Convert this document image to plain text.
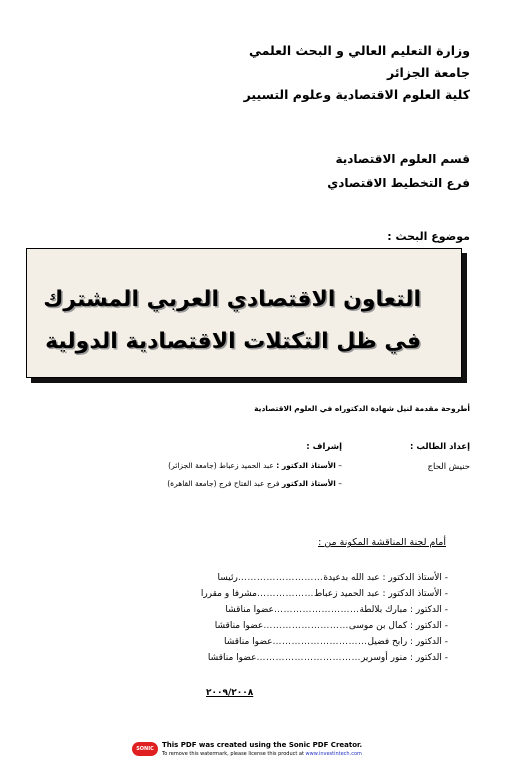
وزارة التعليم العالي و البحث العلمي
جامعة الجزائر
كلية العلوم الاقتصادية وعلوم التسيير
قسم العلوم الاقتصادية
فرع التخطيط الاقتصادي
موضوع البحث :
التعاون الاقتصادي العربي المشترك
في ظل التكتلات الاقتصادية الدولية
أطروحة مقدمة لنيل شهادة الدكتوراه في العلوم الاقتصادية
إعداد الطالب :
حنيش الحاج
إشراف :
– الأستاذ الدكتور : عبد الحميد زعباط (جامعة الجزائر)
– الأستاذ الدكتور فرج عبد الفتاح فرج (جامعة القاهرة)
أمام لجنة المناقشة المكونة من :
- الأستاذ الدكتور : عبد الله بدعيدة
………………………
رئيسا
- الأستاذ الدكتور : عبد الحميد زعباط
………………
مشرفا و مقررا
- الدكتور : مبارك بلالطة
………………………
عضوا مناقشا
- الدكتور : كمال بن موسى
………………………
عضوا مناقشا
- الدكتور : رابح فضيل
…………………………
عضوا مناقشا
- الدكتور : منور أوسرير
……………………………
عضوا مناقشا
٢٠٠٩/٢٠٠٨
SONIC PDF
This PDF was created using the Sonic PDF Creator.
To remove this watermark, please license this product at www.investintech.com
